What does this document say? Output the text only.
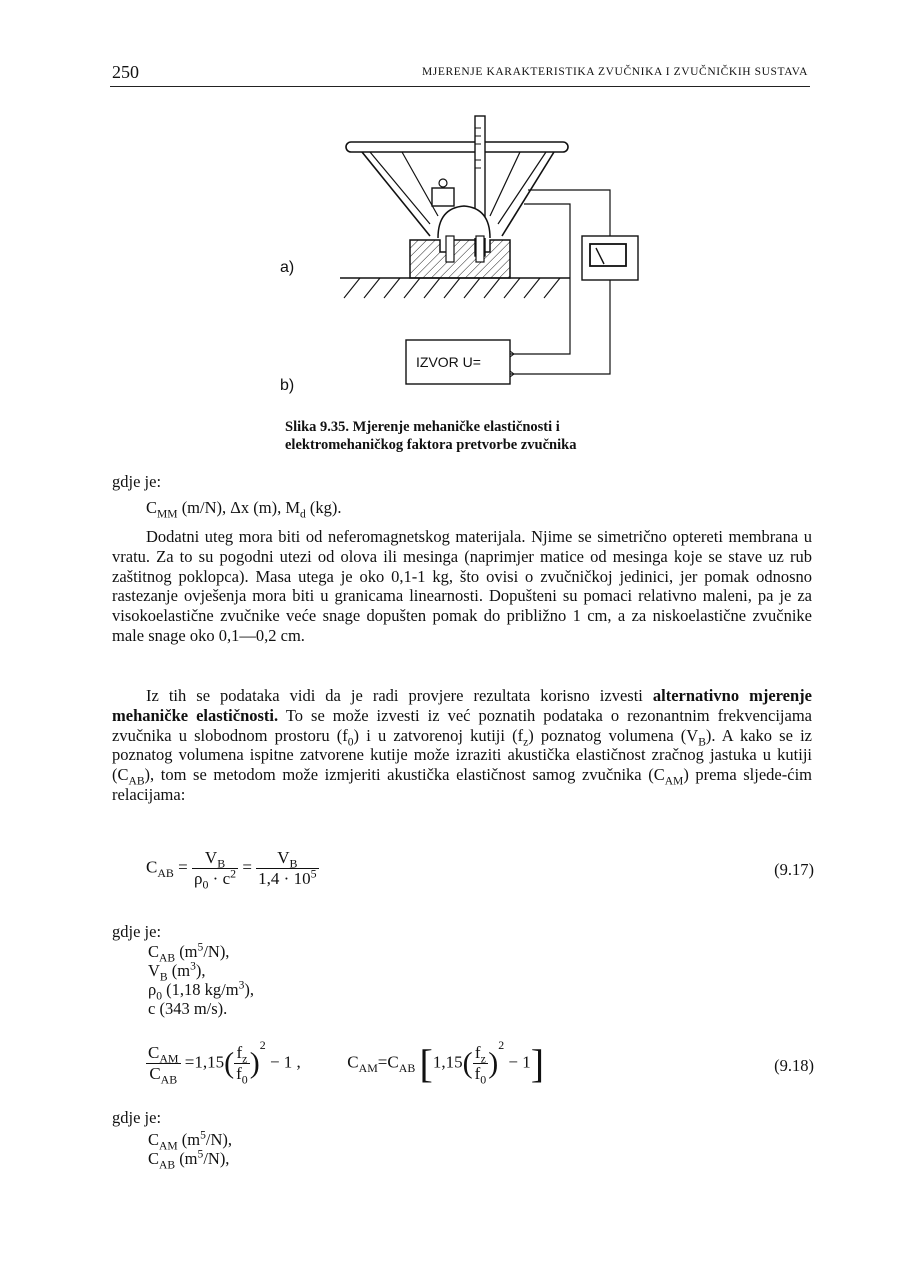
250	MJERENJE KARAKTERISTIKA ZVUČNIKA I ZVUČNIČKIH SUSTAVA
IZVOR U=
a)
b)
Slika 9.35. Mjerenje mehaničke elastičnosti i
elektromehaničkog faktora pretvorbe zvučnika
gdje je:
$C_{MM}$ (m/N), Δx (m), $M_d$ (kg).
Dodatni uteg mora biti od neferomagnetskog materijala. Njime se simetrično optereti membrana u vratu. Za to su pogodni utezi od olova ili mesinga (naprimjer matice od mesinga koje se stave uz rub zaštitnog poklopca). Masa utega je oko 0,1-1 kg, što ovisi o zvučničkoj jedinici, jer pomak odnosno rastezanje ovješenja mora biti u granicama linearnosti. Dopušteni su pomaci relativno maleni, pa je za visokoelastične zvučnike veće snage dopušten pomak do približno 1 cm, a za niskoelastične zvučnike male snage oko 0,1—0,2 cm.
Iz tih se podataka vidi da je radi provjere rezultata korisno izvesti alternativno mjerenje mehaničke elastičnosti. To se može izvesti iz već poznatih podataka o rezonantnim frekvencijama zvučnika u slobodnom prostoru $(f_0)$ i u zatvorenoj kutiji $(f_z)$ poznatog volumena $(V_B)$. A kako se iz poznatog volumena ispitne zatvorene kutije može izraziti akustička elastičnost zračnog jastuka u kutiji $(C_{AB})$, tom se metodom može izmjeriti akustička elastičnost samog zvučnika $(C_{AM})$ prema sljede-ćim relacijama:
$C_{AB} = \frac{V_B}{\rho_0 \cdot c^2} = \frac{V_B}{1,4 \cdot 10^5}$	(9.17)
gdje je:
$C_{AB}$ $(m^5/N)$,
$V_B$ $(m^3)$,
$\rho_0$ (1,18 $kg/m^3$),
c (343 m/s).
$\frac{C_{AM}}{C_{AB}} =1,15( \frac{f_z}{f_0} )^2 - 1$ ,	$C_{AM}=C_{AB}$ $[1,15( \frac{f_z}{f_0} )^2 - 1]$	(9.18)
gdje je:
$C_{AM}$ $(m^5/N)$,
$C_{AB}$ $(m^5/N)$,
